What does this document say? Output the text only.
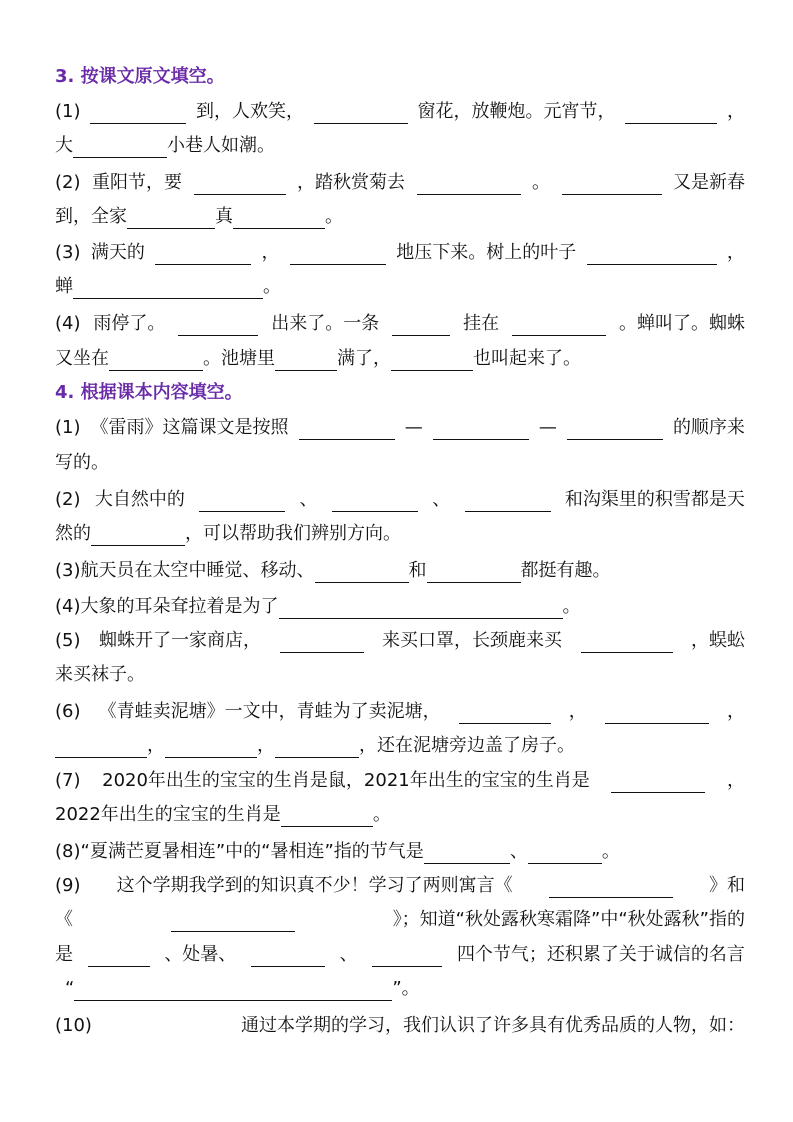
3. 按课文原文填空。
(1)	到，人欢笑，	窗花，放鞭炮。元宵节，	，
大	小巷人如潮。
(2) 重阳节，要	，踏秋赏菊去	。	又是新春
到，全家	真	。
(3) 满天的	，	地压下来。树上的叶子	，
蝉	。
(4) 雨停了。	出来了。一条	挂在	。蝉叫了。蜘蛛
又坐在	。池塘里	满了，	也叫起来了。
4. 根据课本内容填空。
(1) 《雷雨》这篇课文是按照	—	—	的顺序来
写的。
(2) 大自然中的	、	、	和沟渠里的积雪都是天
然的	，可以帮助我们辨别方向。
(3) 航天员在太空中睡觉、移动、	和	都挺有趣。
(4) 大象的耳朵耷拉着是为了	。
(5) 蜘蛛开了一家商店，	来买口罩，长颈鹿来买	，蜈蚣
来买袜子。
(6) 《青蛙卖泥塘》一文中，青蛙为了卖泥塘，	，	，
，	，	，还在泥塘旁边盖了房子。
(7) 2020年出生的宝宝的生肖是鼠，2021年出生的宝宝的生肖是	，
2022年出生的宝宝的生肖是	。
(8) “夏满芒夏暑相连”中的“暑相连”指的节气是	、	。
(9) 这个学期我学到的知识真不少！学习了两则寓言《	》和
《	》；知道“秋处露秋寒霜降”中“秋处露秋”指的
是	、处暑、	、	四个节气；还积累了关于诚信的名言
“	”。
(10)	通过本学期的学习，我们认识了许多具有优秀品质的人物，如：
